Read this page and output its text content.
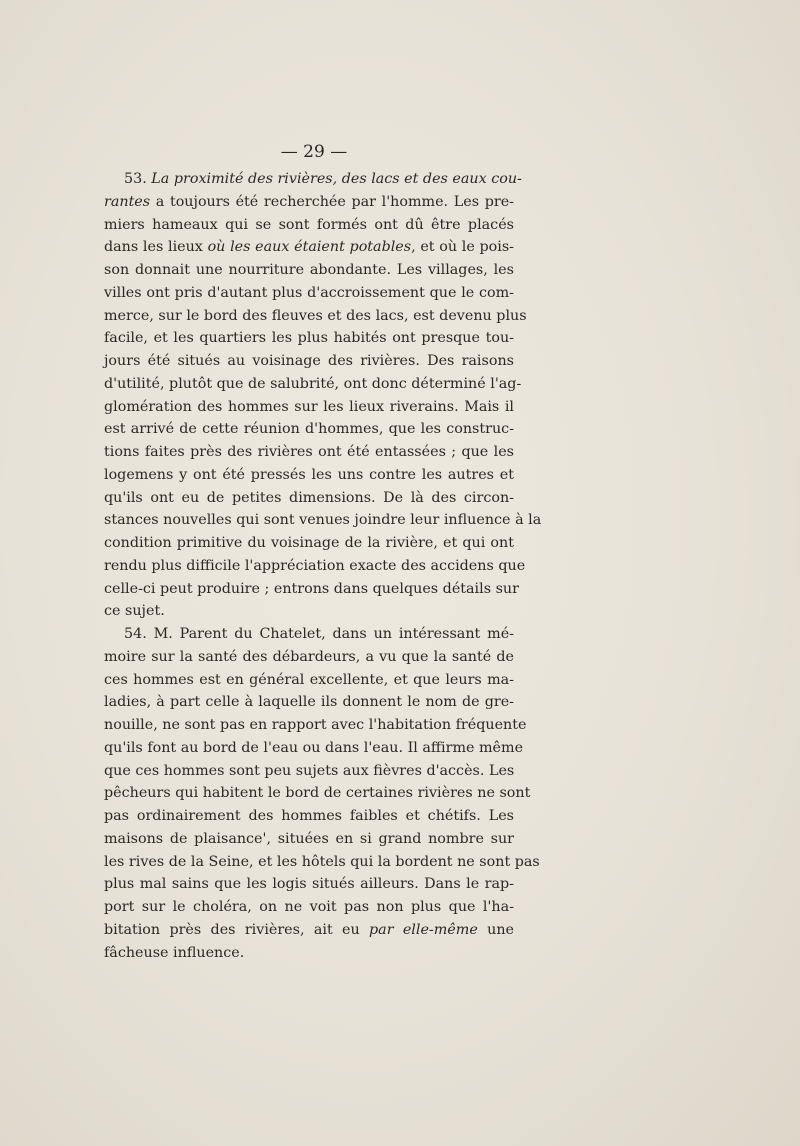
— 29 —
53. La proximité des rivières, des lacs et des eaux cou-
rantes a toujours été recherchée par l'homme. Les pre-
miers hameaux qui se sont formés ont dû être placés
dans les lieux où les eaux étaient potables, et où le pois-
son donnait une nourriture abondante. Les villages, les
villes ont pris d'autant plus d'accroissement que le com-
merce, sur le bord des fleuves et des lacs, est devenu plus
facile, et les quartiers les plus habités ont presque tou-
jours été situés au voisinage des rivières. Des raisons
d'utilité, plutôt que de salubrité, ont donc déterminé l'ag-
glomération des hommes sur les lieux riverains. Mais il
est arrivé de cette réunion d'hommes, que les construc-
tions faites près des rivières ont été entassées ; que les
logemens y ont été pressés les uns contre les autres et
qu'ils ont eu de petites dimensions. De là des circon-
stances nouvelles qui sont venues joindre leur influence à la
condition primitive du voisinage de la rivière, et qui ont
rendu plus difficile l'appréciation exacte des accidens que
celle-ci peut produire ; entrons dans quelques détails sur
ce sujet.
54. M. Parent du Chatelet, dans un intéressant mé-
moire sur la santé des débardeurs, a vu que la santé de
ces hommes est en général excellente, et que leurs ma-
ladies, à part celle à laquelle ils donnent le nom de gre-
nouille, ne sont pas en rapport avec l'habitation fréquente
qu'ils font au bord de l'eau ou dans l'eau. Il affirme même
que ces hommes sont peu sujets aux fièvres d'accès. Les
pêcheurs qui habitent le bord de certaines rivières ne sont
pas ordinairement des hommes faibles et chétifs. Les
maisons de plaisance', situées en si grand nombre sur
les rives de la Seine, et les hôtels qui la bordent ne sont pas
plus mal sains que les logis situés ailleurs. Dans le rap-
port sur le choléra, on ne voit pas non plus que l'ha-
bitation près des rivières, ait eu par elle-même une
fâcheuse influence.
